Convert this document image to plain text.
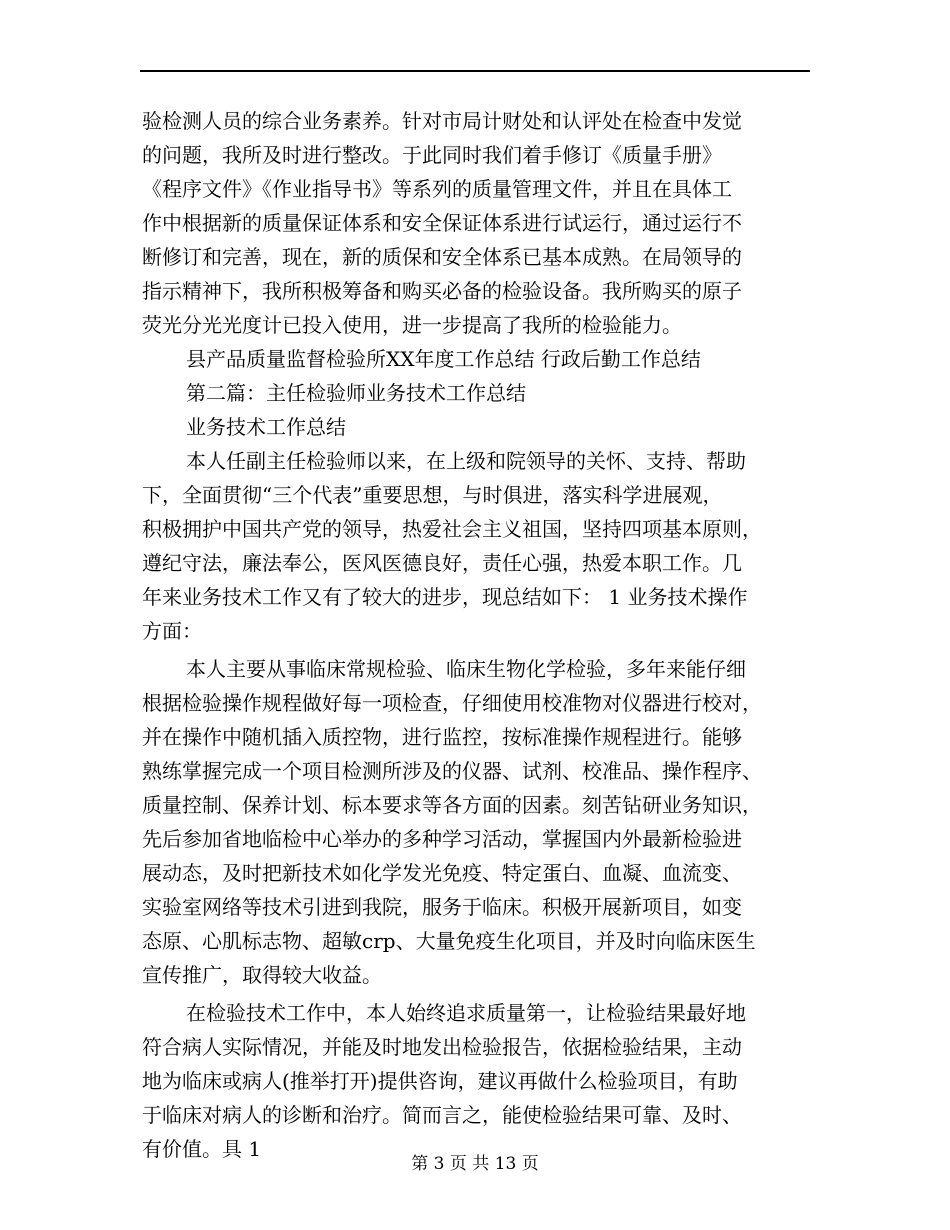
验检测人员的综合业务素养。针对市局计财处和认评处在检查中发觉

的问题，我所及时进行整改。于此同时我们着手修订《质量手册》

《程序文件》《作业指导书》等系列的质量管理文件，并且在具体工

作中根据新的质量保证体系和安全保证体系进行试运行，通过运行不

断修订和完善，现在，新的质保和安全体系已基本成熟。在局领导的

指示精神下，我所积极筹备和购买必备的检验设备。我所购买的原子

荧光分光光度计已投入使用，进一步提高了我所的检验能力。

县产品质量监督检验所XX年度工作总结 行政后勤工作总结

第二篇：主任检验师业务技术工作总结

业务技术工作总结

本人任副主任检验师以来，在上级和院领导的关怀、支持、帮助

下，全面贯彻“三个代表”重要思想，与时俱进，落实科学进展观，

积极拥护中国共产党的领导，热爱社会主义祖国，坚持四项基本原则，

遵纪守法，廉法奉公，医风医德良好，责任心强，热爱本职工作。几

年来业务技术工作又有了较大的进步，现总结如下： 1 业务技术操作

方面：

本人主要从事临床常规检验、临床生物化学检验，多年来能仔细

根据检验操作规程做好每一项检查，仔细使用校准物对仪器进行校对，

并在操作中随机插入质控物，进行监控，按标准操作规程进行。能够

熟练掌握完成一个项目检测所涉及的仪器、试剂、校准品、操作程序、

质量控制、保养计划、标本要求等各方面的因素。刻苦钻研业务知识，

先后参加省地临检中心举办的多种学习活动，掌握国内外最新检验进

展动态，及时把新技术如化学发光免疫、特定蛋白、血凝、血流变、

实验室网络等技术引进到我院，服务于临床。积极开展新项目，如变

态原、心肌标志物、超敏crp、大量免疫生化项目，并及时向临床医生

宣传推广，取得较大收益。

在检验技术工作中，本人始终追求质量第一，让检验结果最好地

符合病人实际情况，并能及时地发出检验报告，依据检验结果，主动

地为临床或病人(推举打开)提供咨询，建议再做什么检验项目，有助

于临床对病人的诊断和治疗。简而言之，能使检验结果可靠、及时、

有价值。具 1

第 3 页 共 13 页
